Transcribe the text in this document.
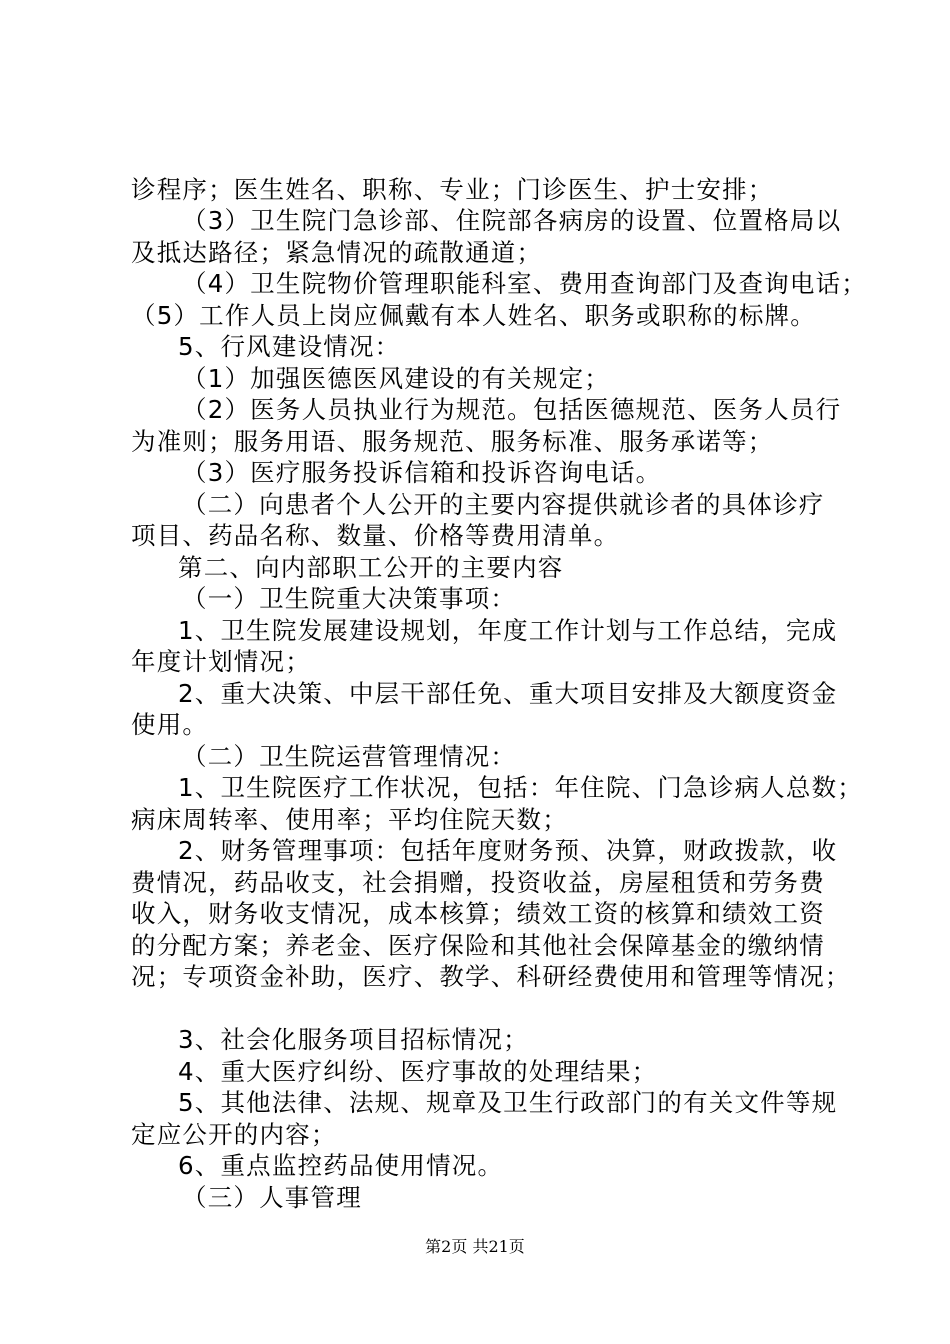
诊程序；医生姓名、职称、专业；门诊医生、护士安排；
（3）卫生院门急诊部、住院部各病房的设置、位置格局以
及抵达路径；紧急情况的疏散通道；
（4）卫生院物价管理职能科室、费用查询部门及查询电话；
（5）工作人员上岗应佩戴有本人姓名、职务或职称的标牌。
5、行风建设情况：
（1）加强医德医风建设的有关规定；
（2）医务人员执业行为规范。包括医德规范、医务人员行
为准则；服务用语、服务规范、服务标准、服务承诺等；
（3）医疗服务投诉信箱和投诉咨询电话。
（二）向患者个人公开的主要内容提供就诊者的具体诊疗
项目、药品名称、数量、价格等费用清单。
第二、向内部职工公开的主要内容
（一）卫生院重大决策事项：
1、卫生院发展建设规划，年度工作计划与工作总结，完成
年度计划情况；
2、重大决策、中层干部任免、重大项目安排及大额度资金
使用。
（二）卫生院运营管理情况：
1、卫生院医疗工作状况，包括：年住院、门急诊病人总数；
病床周转率、使用率；平均住院天数；
2、财务管理事项：包括年度财务预、决算，财政拨款，收
费情况，药品收支，社会捐赠，投资收益，房屋租赁和劳务费
收入，财务收支情况，成本核算；绩效工资的核算和绩效工资
的分配方案；养老金、医疗保险和其他社会保障基金的缴纳情
况；专项资金补助，医疗、教学、科研经费使用和管理等情况；
3、社会化服务项目招标情况；
4、重大医疗纠纷、医疗事故的处理结果；
5、其他法律、法规、规章及卫生行政部门的有关文件等规
定应公开的内容；
6、重点监控药品使用情况。
（三）人事管理
第2页 共21页
